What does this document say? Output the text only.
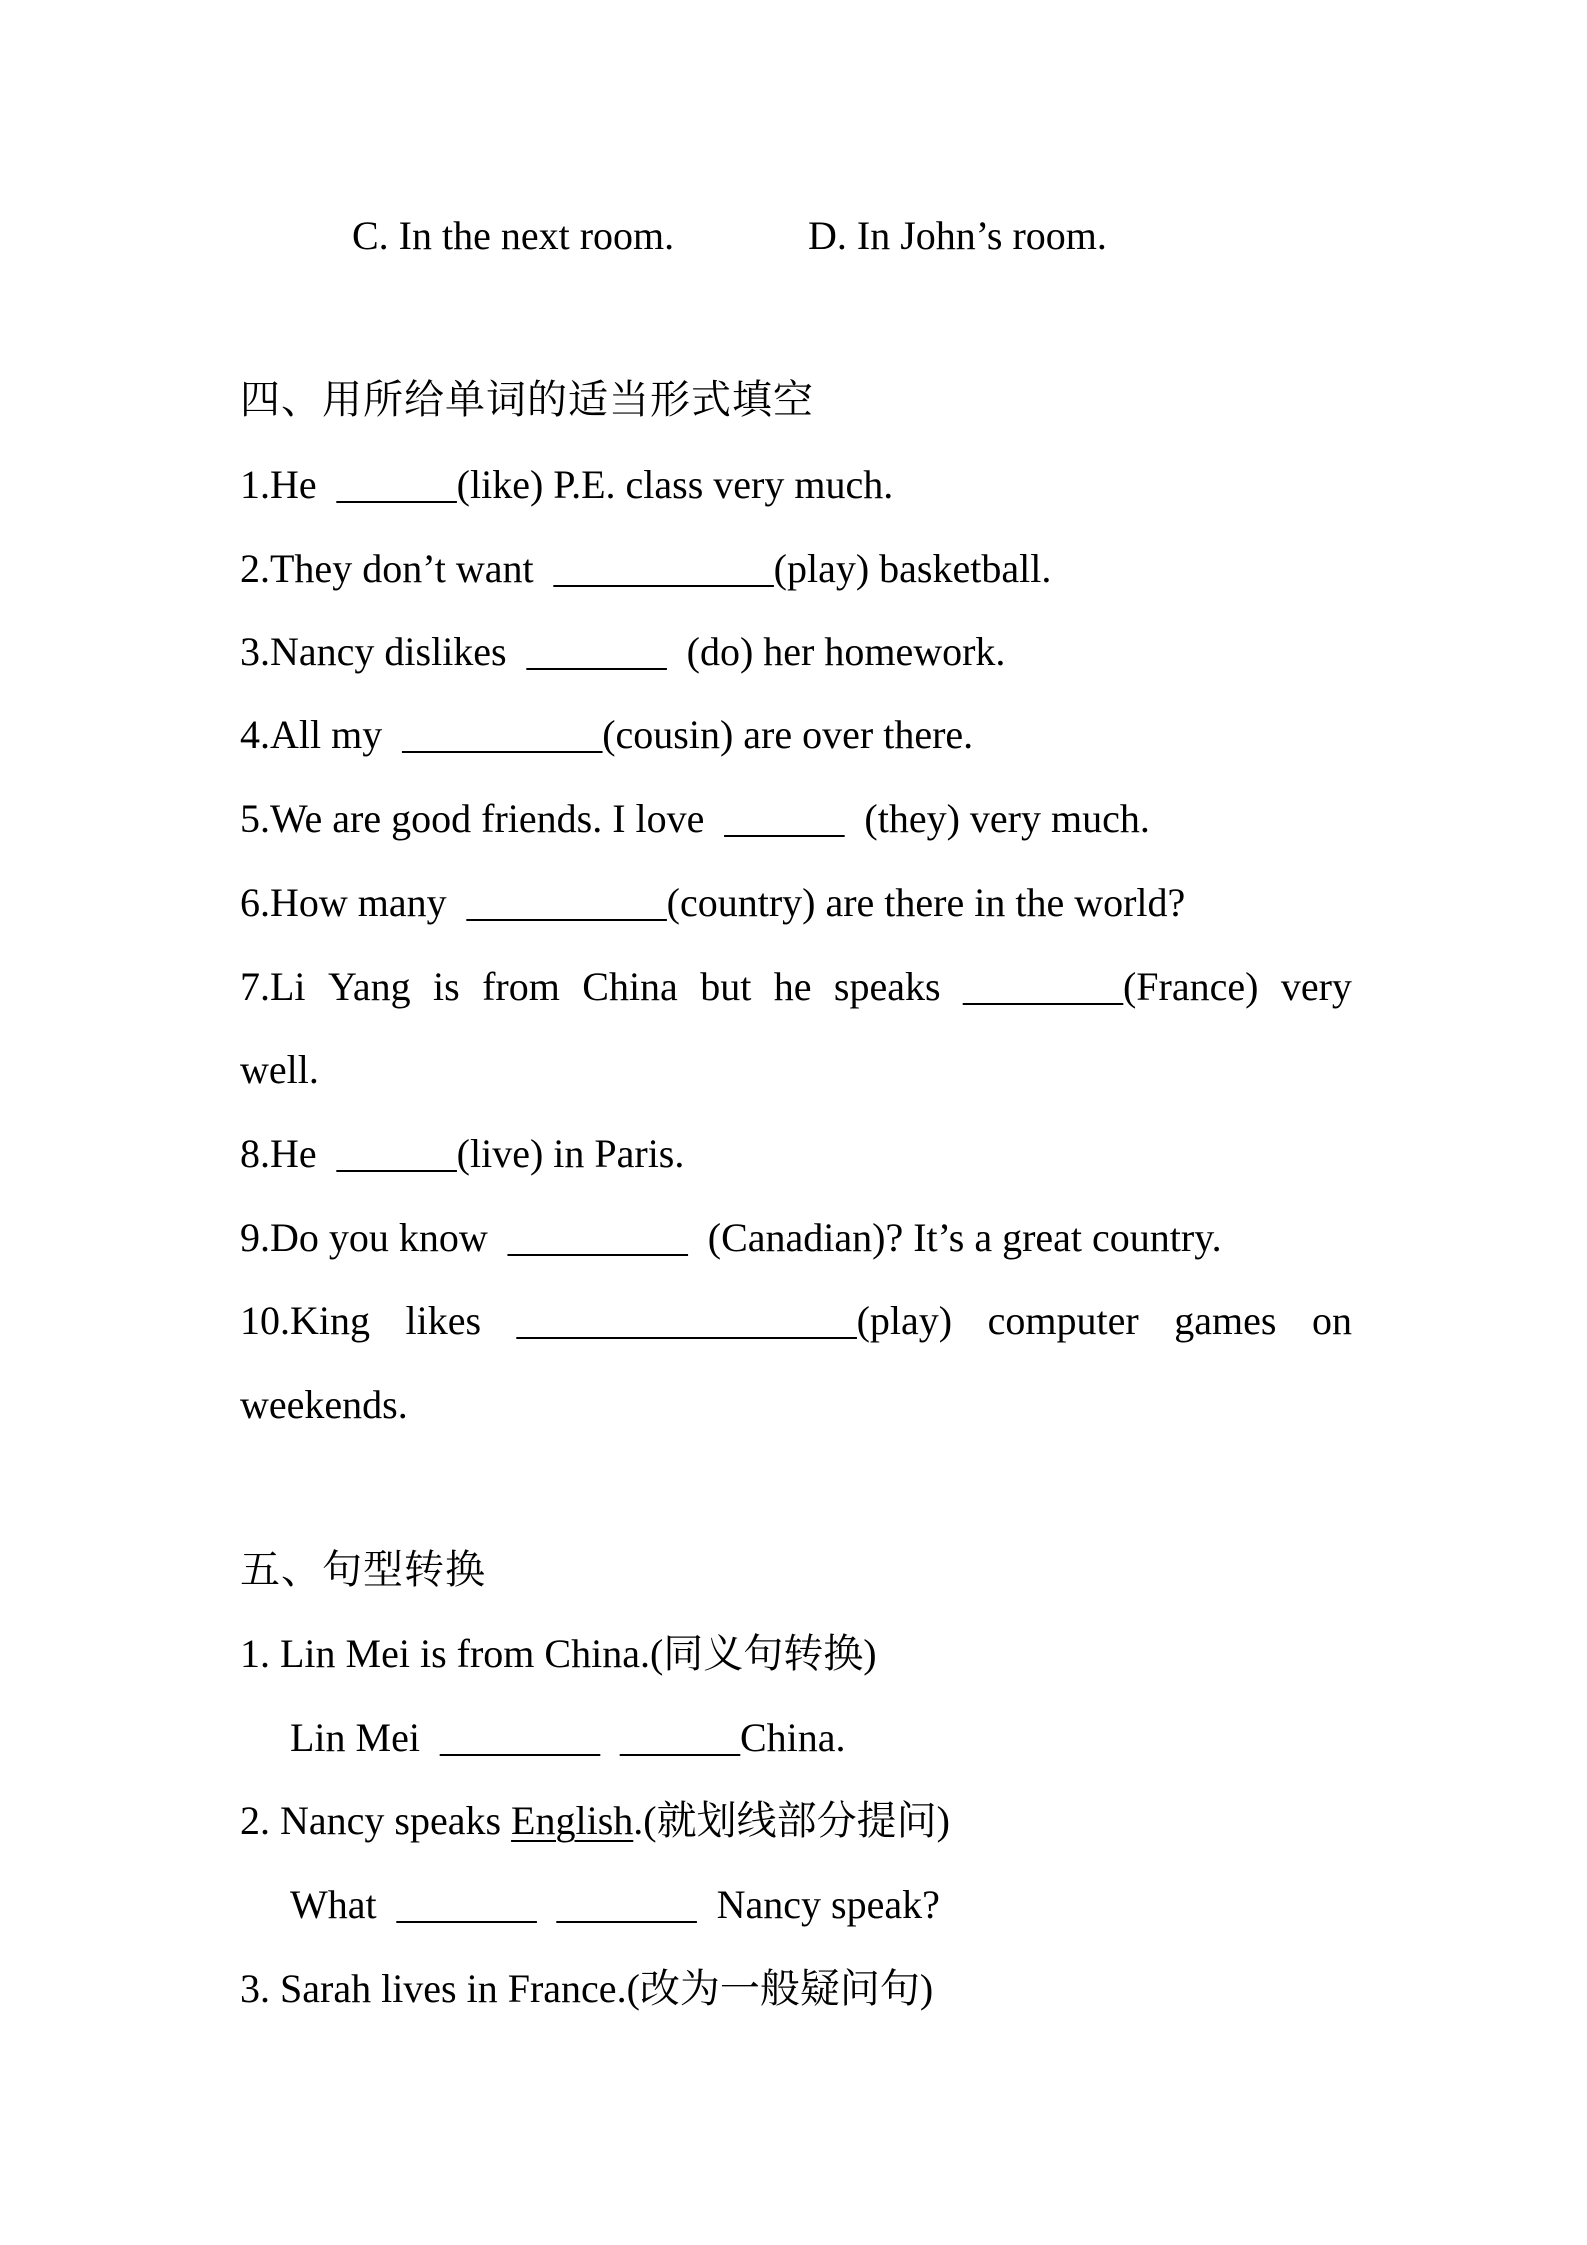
C. In the next room.	D. In John’s room.
四、用所给单词的适当形式填空
1.He  ______(like) P.E. class very much.
2.They don’t want  ___________(play) basketball.
3.Nancy dislikes  _______  (do) her homework.
4.All my  __________(cousin) are over there.
5.We are good friends. I love  ______  (they) very much.
6.How many  __________(country) are there in the world?
7.Li Yang is from China but he speaks ________(France) very
well.
8.He  ______(live) in Paris.
9.Do you know  _________  (Canadian)? It’s a great country.
10.King likes _________________(play) computer games on
weekends.
五、句型转换
1. Lin Mei is from China.(同义句转换)
Lin Mei  ________  ______China.
2. Nancy speaks English.(就划线部分提问)
What  _______  _______  Nancy speak?
3. Sarah lives in France.(改为一般疑问句)
